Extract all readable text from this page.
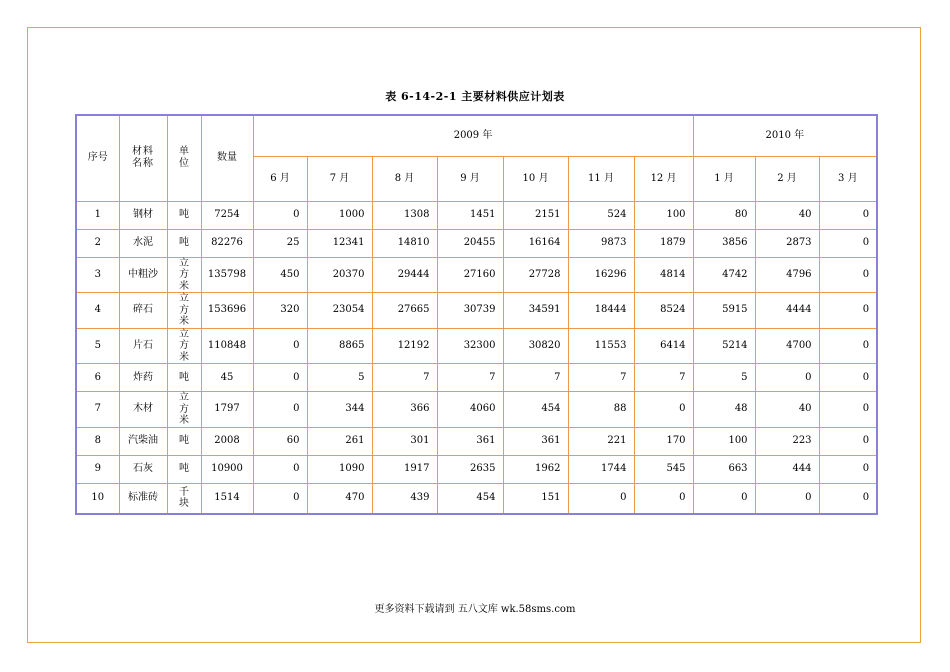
表 6-14-2-1 主要材料供应计划表
序号	材料名称	单位	数量	2009 年							2010 年		
				6 月	7 月	8 月	9 月	10 月	11 月	12 月	1 月	2 月	3 月
1	钢材	吨	7254	0	1000	1308	1451	2151	524	100	80	40	0
2	水泥	吨	82276	25	12341	14810	20455	16164	9873	1879	3856	2873	0
3	中粗沙	立方米	135798	450	20370	29444	27160	27728	16296	4814	4742	4796	0
4	碎石	立方米	153696	320	23054	27665	30739	34591	18444	8524	5915	4444	0
5	片石	立方米	110848	0	8865	12192	32300	30820	11553	6414	5214	4700	0
6	炸药	吨	45	0	5	7	7	7	7	7	5	0	0
7	木材	立方米	1797	0	344	366	4060	454	88	0	48	40	0
8	汽柴油	吨	2008	60	261	301	361	361	221	170	100	223	0
9	石灰	吨	10900	0	1090	1917	2635	1962	1744	545	663	444	0
10	标准砖	千块	1514	0	470	439	454	151	0	0	0	0	0
更多资料下载请到 五八文库 wk.58sms.com
